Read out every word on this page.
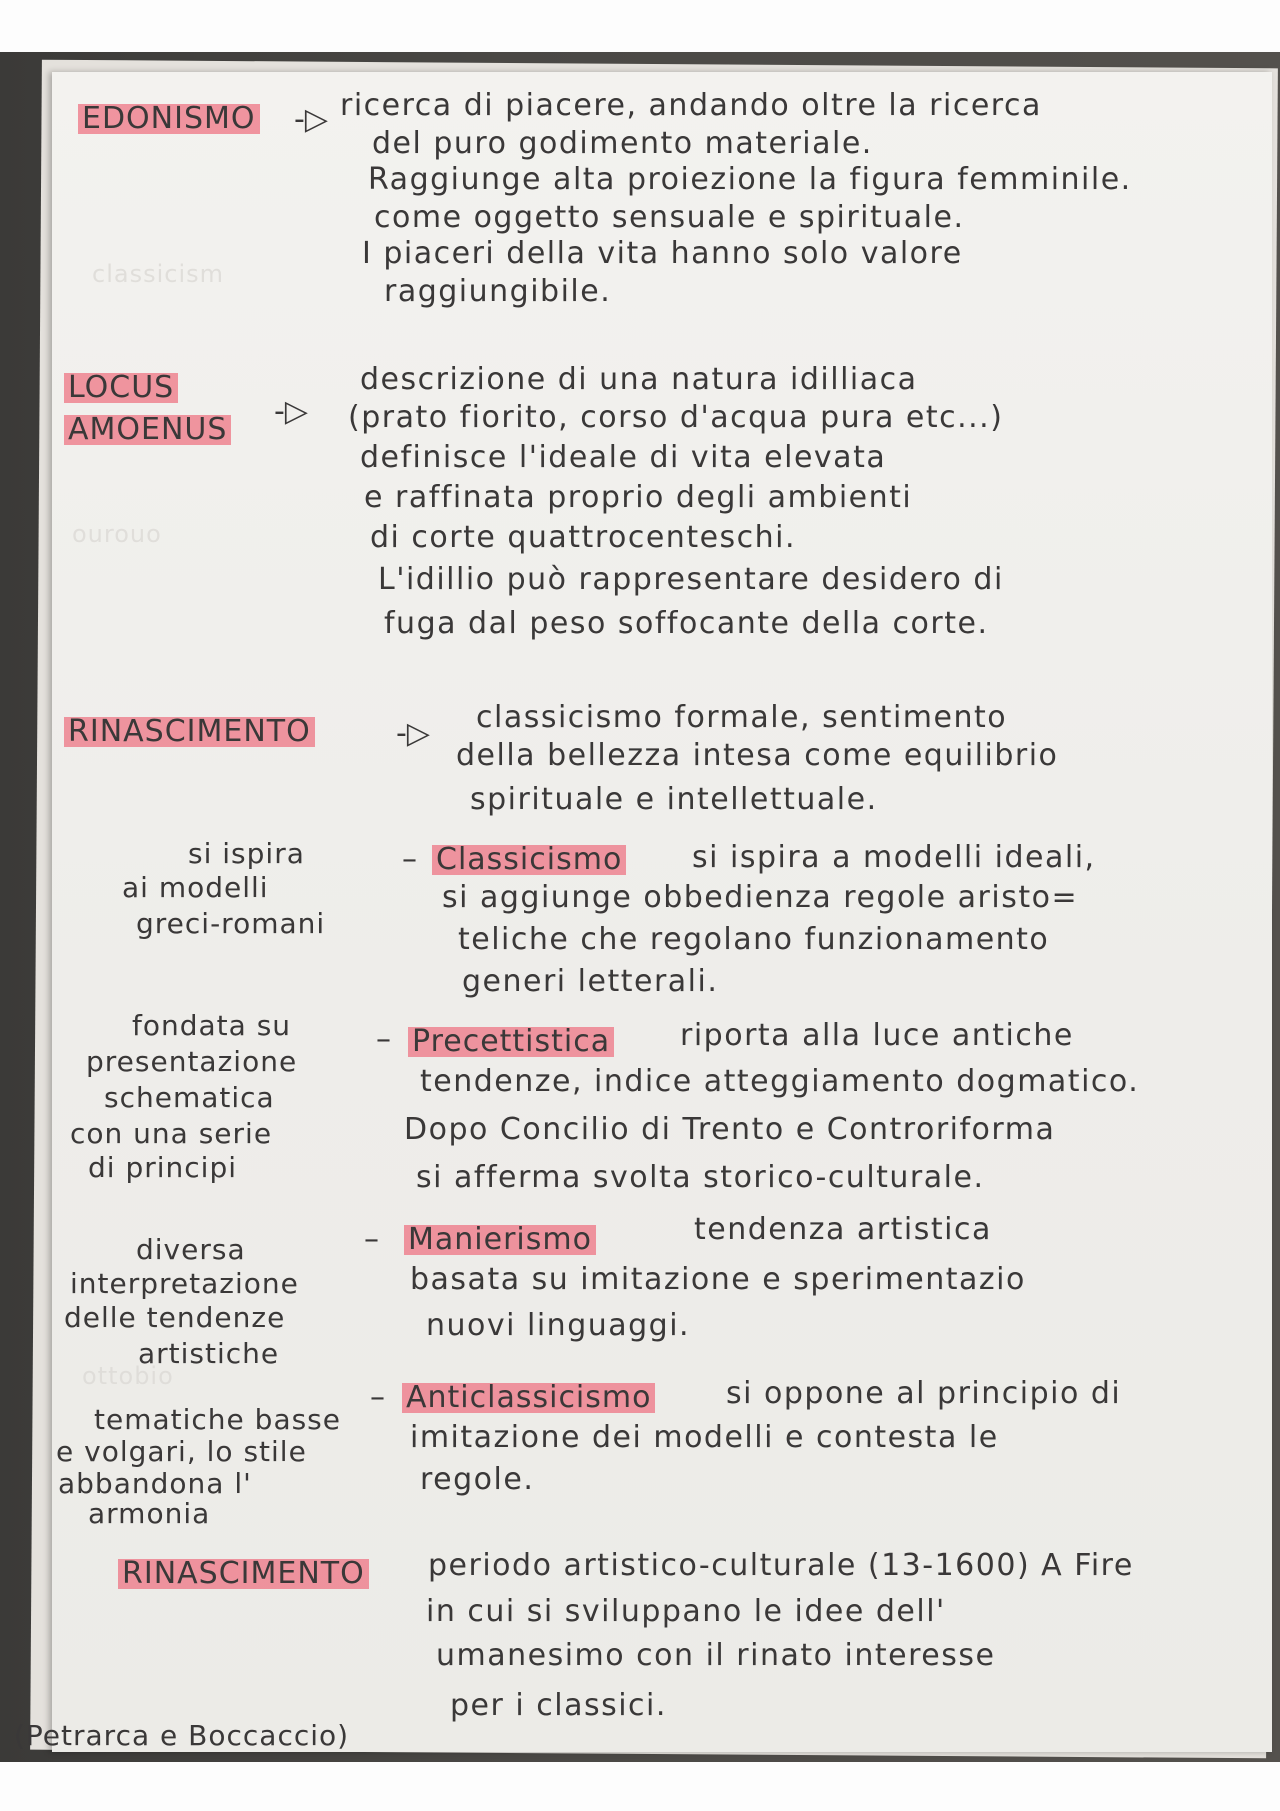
classicism
ourouo
ottobio
EDONISMO -▷ ricerca di piacere, andando oltre la ricerca
del puro godimento materiale.
Raggiunge alta proiezione la figura femminile.
come oggetto sensuale e spirituale.
I piaceri della vita hanno solo valore
raggiungibile.
LOCUS
AMOENUS
-▷
descrizione di una natura idilliaca
(prato fiorito, corso d'acqua pura etc...)
definisce l'ideale di vita elevata
e raffinata proprio degli ambienti
di corte quattrocenteschi.
L'idillio può rappresentare desidero di
fuga dal peso soffocante della corte.
RINASCIMENTO	-▷ classicismo formale, sentimento
della bellezza intesa come equilibrio
spirituale e intellettuale.
si ispira
ai modelli
greci-romani
– Classicismo si ispira a modelli ideali,
si aggiunge obbedienza regole aristo=
teliche che regolano funzionamento
generi letterali.
fondata su
presentazione
schematica
con una serie
di principi
– Precettistica riporta alla luce antiche
tendenze, indice atteggiamento dogmatico.
Dopo Concilio di Trento e Controriforma
si afferma svolta storico-culturale.
diversa
interpretazione
delle tendenze
artistiche
– Manierismo	tendenza artistica
basata su imitazione e sperimentazio
nuovi linguaggi.
tematiche basse
e volgari, lo stile
abbandona l'
armonia
– Anticlassicismo si oppone al principio di
imitazione dei modelli e contesta le
regole.
RINASCIMENTO periodo artistico-culturale (13-1600) A Fire
in cui si sviluppano le idee dell'
umanesimo con il rinato interesse
per i classici.
(Petrarca e Boccaccio)
